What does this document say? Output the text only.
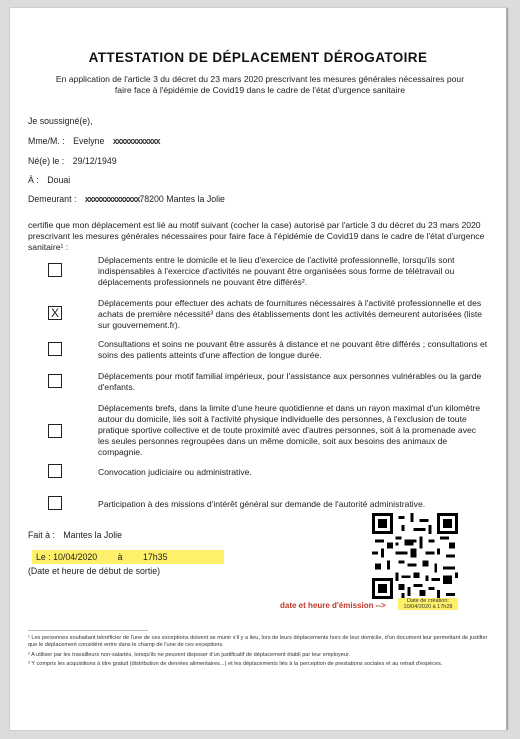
ATTESTATION DE DÉPLACEMENT DÉROGATOIRE
En application de l'article 3 du décret du 23 mars 2020 prescrivant les mesures générales nécessaires pour faire face à l'épidémie de Covid19 dans le cadre de l'état d'urgence sanitaire
Je soussigné(e),
Mme/M. : Evelyne xxxxxxxxxxxx
Né(e) le : 29/12/1949
À : Douai
Demeurant : xxxxxxxxxxxxxx78200 Mantes la Jolie
certifie que mon déplacement est lié au motif suivant (cocher la case) autorisé par l'article 3 du décret du 23 mars 2020 prescrivant les mesures générales nécessaires pour faire face à l'épidémie de Covid19 dans le cadre de l'état d'urgence sanitaire¹ :
Déplacements entre le domicile et le lieu d'exercice de l'activité professionnelle, lorsqu'ils sont indispensables à l'exercice d'activités ne pouvant être organisées sous forme de télétravail ou déplacements professionnels ne pouvant être différés².
X
Déplacements pour effectuer des achats de fournitures nécessaires à l'activité professionnelle et des achats de première nécessité³ dans des établissements dont les activités demeurent autorisées (liste sur gouvernement.fr).
Consultations et soins ne pouvant être assurés à distance et ne pouvant être différés ; consultations et soins des patients atteints d'une affection de longue durée.
Déplacements pour motif familial impérieux, pour l'assistance aux personnes vulnérables ou la garde d'enfants.
Déplacements brefs, dans la limite d'une heure quotidienne et dans un rayon maximal d'un kilomètre autour du domicile, liés soit à l'activité physique individuelle des personnes, à l'exclusion de toute pratique sportive collective et de toute proximité avec d'autres personnes, soit à la promenade avec les seules personnes regroupées dans un même domicile, soit aux besoins des animaux de compagnie.
Convocation judiciaire ou administrative.
Participation à des missions d'intérêt général sur demande de l'autorité administrative.
Fait à : Mantes la Jolie
Le : 10/04/2020 à 17h35
(Date et heure de début de sortie)
Date de création:
10/04/2020 à 17h28
date et heure d'émission -->

¹ Les personnes souhaitant bénéficier de l'une de ces exceptions doivent se munir s'il y a lieu, lors de leurs déplacements hors de leur domicile, d'un document leur permettant de justifier que le déplacement considéré entre dans le champ de l'une de ces exceptions.

² A utiliser par les travailleurs non-salariés, lorsqu'ils ne peuvent disposer d'un justificatif de déplacement établi par leur employeur.

³ Y compris les acquisitions à titre gratuit (distribution de denrées alimentaires...) et les déplacements liés à la perception de prestations sociales et au retrait d'espèces.
